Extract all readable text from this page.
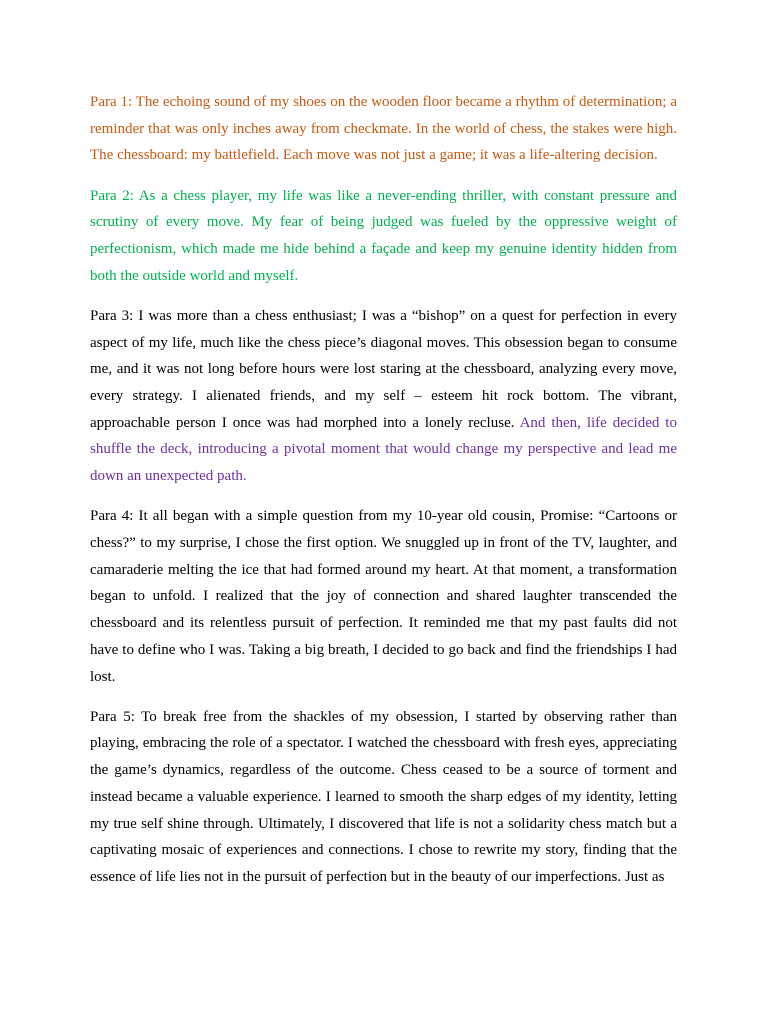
Para 1: The echoing sound of my shoes on the wooden floor became a rhythm of determination; a reminder that was only inches away from checkmate. In the world of chess, the stakes were high. The chessboard: my battlefield. Each move was not just a game; it was a life-altering decision.

Para 2: As a chess player, my life was like a never-ending thriller, with constant pressure and scrutiny of every move. My fear of being judged was fueled by the oppressive weight of perfectionism, which made me hide behind a façade and keep my genuine identity hidden from both the outside world and myself.

Para 3: I was more than a chess enthusiast; I was a “bishop” on a quest for perfection in every aspect of my life, much like the chess piece’s diagonal moves. This obsession began to consume me, and it was not long before hours were lost staring at the chessboard, analyzing every move, every strategy. I alienated friends, and my self – esteem hit rock bottom. The vibrant, approachable person I once was had morphed into a lonely recluse. And then, life decided to shuffle the deck, introducing a pivotal moment that would change my perspective and lead me down an unexpected path.

Para 4: It all began with a simple question from my 10-year old cousin, Promise: “Cartoons or chess?” to my surprise, I chose the first option. We snuggled up in front of the TV, laughter, and camaraderie melting the ice that had formed around my heart. At that moment, a transformation began to unfold. I realized that the joy of connection and shared laughter transcended the chessboard and its relentless pursuit of perfection. It reminded me that my past faults did not have to define who I was. Taking a big breath, I decided to go back and find the friendships I had lost.

Para 5: To break free from the shackles of my obsession, I started by observing rather than playing, embracing the role of a spectator. I watched the chessboard with fresh eyes, appreciating the game’s dynamics, regardless of the outcome. Chess ceased to be a source of torment and instead became a valuable experience. I learned to smooth the sharp edges of my identity, letting my true self shine through. Ultimately, I discovered that life is not a solidarity chess match but a captivating mosaic of experiences and connections. I chose to rewrite my story, finding that the essence of life lies not in the pursuit of perfection but in the beauty of our imperfections. Just as
